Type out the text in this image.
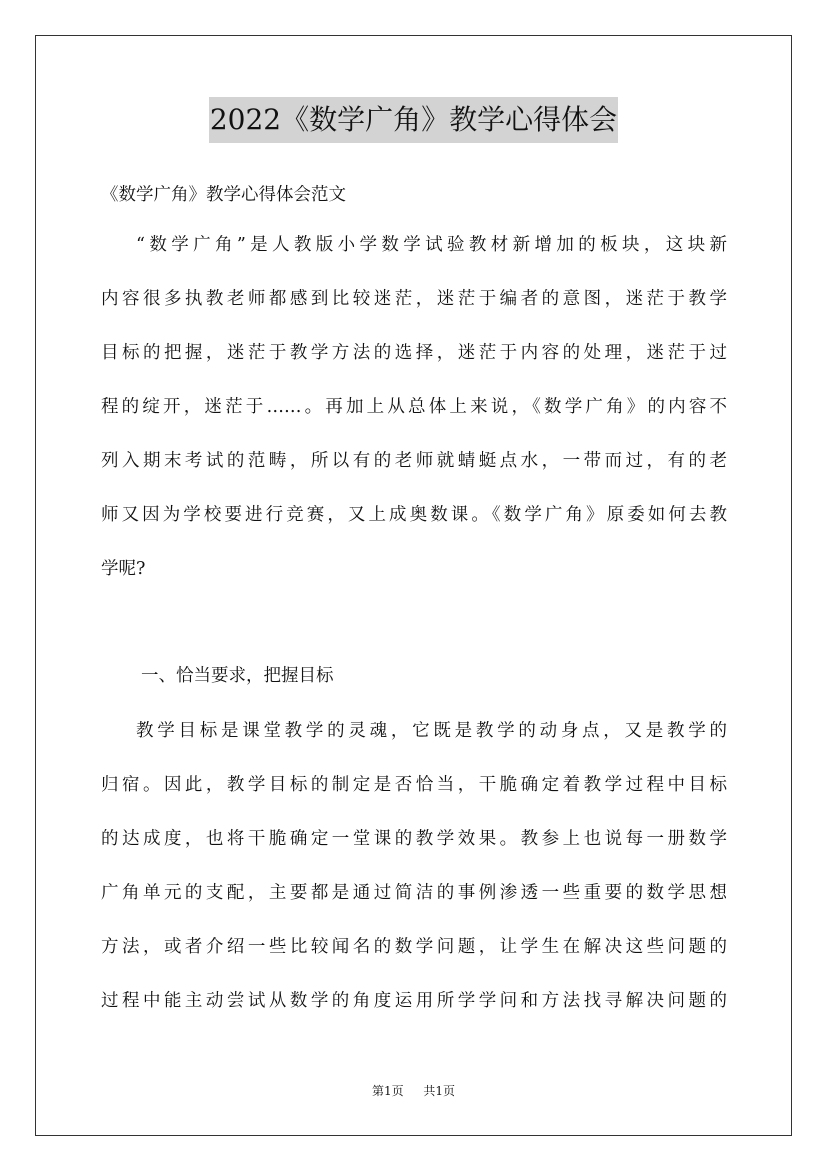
2022《数学广角》教学心得体会

《数学广角》教学心得体会范文

“数学广角”是人教版小学数学试验教材新增加的板块，这块新
内容很多执教老师都感到比较迷茫，迷茫于编者的意图，迷茫于教学
目标的把握，迷茫于教学方法的选择，迷茫于内容的处理，迷茫于过
程的绽开，迷茫于……。再加上从总体上来说，《数学广角》的内容不
列入期末考试的范畴，所以有的老师就蜻蜓点水，一带而过，有的老
师又因为学校要进行竞赛，又上成奥数课。《数学广角》原委如何去教
学呢?

一、恰当要求，把握目标

教学目标是课堂教学的灵魂，它既是教学的动身点，又是教学的
归宿。因此，教学目标的制定是否恰当，干脆确定着教学过程中目标
的达成度，也将干脆确定一堂课的教学效果。教参上也说每一册数学
广角单元的支配，主要都是通过简洁的事例渗透一些重要的数学思想
方法，或者介绍一些比较闻名的数学问题，让学生在解决这些问题的
过程中能主动尝试从数学的角度运用所学学问和方法找寻解决问题的
第1页 共1页
